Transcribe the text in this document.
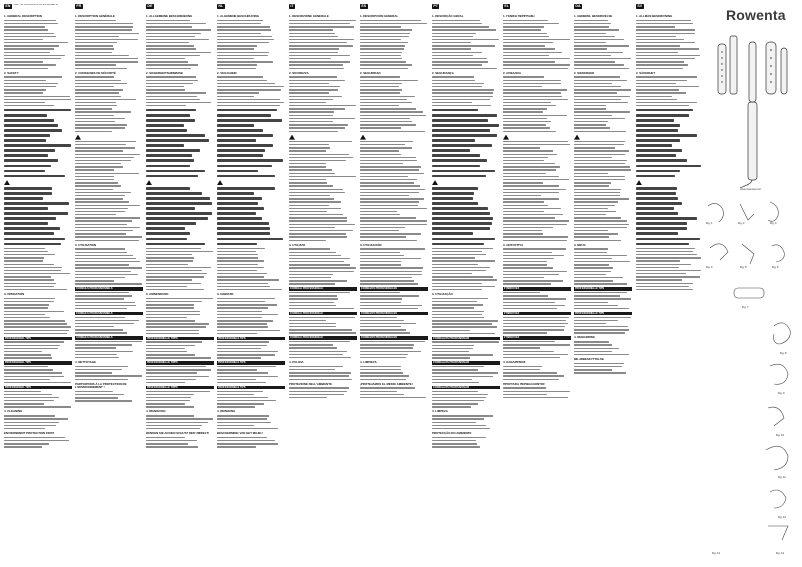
EN	Note: The instructions for use are available at
1. GENERAL DESCRIPTION
2. SAFETY
3. OPERATION
PROFESSIONAL TIPS
PROFESSIONAL TIPS
PROFESSIONAL TIPS
4. CLEANING
ENVIRONMENT PROTECTION FIRST
FR
1. DESCRIPTION GÉNÉRALE
2. CONSIGNES DE SÉCURITÉ
3. UTILISATION
CONSEILS PROFESSIONNELS
CONSEILS PROFESSIONNELS
CONSEILS PROFESSIONNELS
4. NETTOYAGE
PARTICIPONS À LA PROTECTION DE L'ENVIRONNEMENT !
DE
1. ALLGEMEINE BESCHREIBUNG
2. SICHERHEITSHINWEISE
3. ANWENDUNG
PROFESSIONELLE TIPPS
PROFESSIONELLE TIPPS
PROFESSIONELLE TIPPS
4. REINIGUNG
DENKEN SIE AN DEN SCHUTZ DER UMWELT!
NL
1. ALGEMENE BESCHRIJVING
2. VEILIGHEID
3. GEBRUIK
PROFESSIONELE TIPS
PROFESSIONELE TIPS
PROFESSIONELE TIPS
4. REINIGING
BESCHERMING VAN HET MILIEU
IT
1. DESCRIZIONE GENERALE
2. SICUREZZA
3. UTILIZZO
CONSIGLI PROFESSIONALI
CONSIGLI PROFESSIONALI
CONSIGLI PROFESSIONALI
4. PULIZIA
PROTEZIONE DELL'AMBIENTE
ES
1. DESCRIPCIÓN GENERAL
2. SEGURIDAD
3. UTILIZACIÓN
CONSEJOS PROFESIONALES
CONSEJOS PROFESIONALES
CONSEJOS PROFESIONALES
4. LIMPIEZA
¡PROTEJAMOS EL MEDIO AMBIENTE!
PT
1. DESCRIÇÃO GERAL
2. SEGURANÇA
3. UTILIZAÇÃO
CONSELHOS PROFISSIONAIS
CONSELHOS PROFISSIONAIS
CONSELHOS PROFISSIONAIS
4. LIMPEZA
PROTECÇÃO DO AMBIENTE
EL
1. ΓΕΝΙΚΗ ΠΕΡΙΓΡΑΦΗ
2. ΑΣΦΑΛΕΙΑ
3. ΛΕΙΤΟΥΡΓΙΑ
ΣΥΜΒΟΥΛΕΣ
ΣΥΜΒΟΥΛΕΣ
ΣΥΜΒΟΥΛΕΣ
4. ΚΑΘΑΡΙΣΜΟΣ
ΠΡΟΣΤΑΣΙΑ ΠΕΡΙΒΑΛΛΟΝΤΟΣ
DA
1. GENEREL BESKRIVELSE
2. SIKKERHED
3. BRUG
PROFESSIONELLE TIPS
PROFESSIONELLE TIPS
4. RENGØRING
MILJØBESKYTTELSE
SV
1. ALLMÄN BESKRIVNING
2. SÄKERHET
Rowenta
www.rowenta.com
Fig. 1	Fig. 2	Fig. 3
Fig. 4	Fig. 5	Fig. 6
Fig. 7
Fig. 8
Fig. 9
Fig. 10
Fig. 11
Fig. 12
Fig. 13
Fig. 14
